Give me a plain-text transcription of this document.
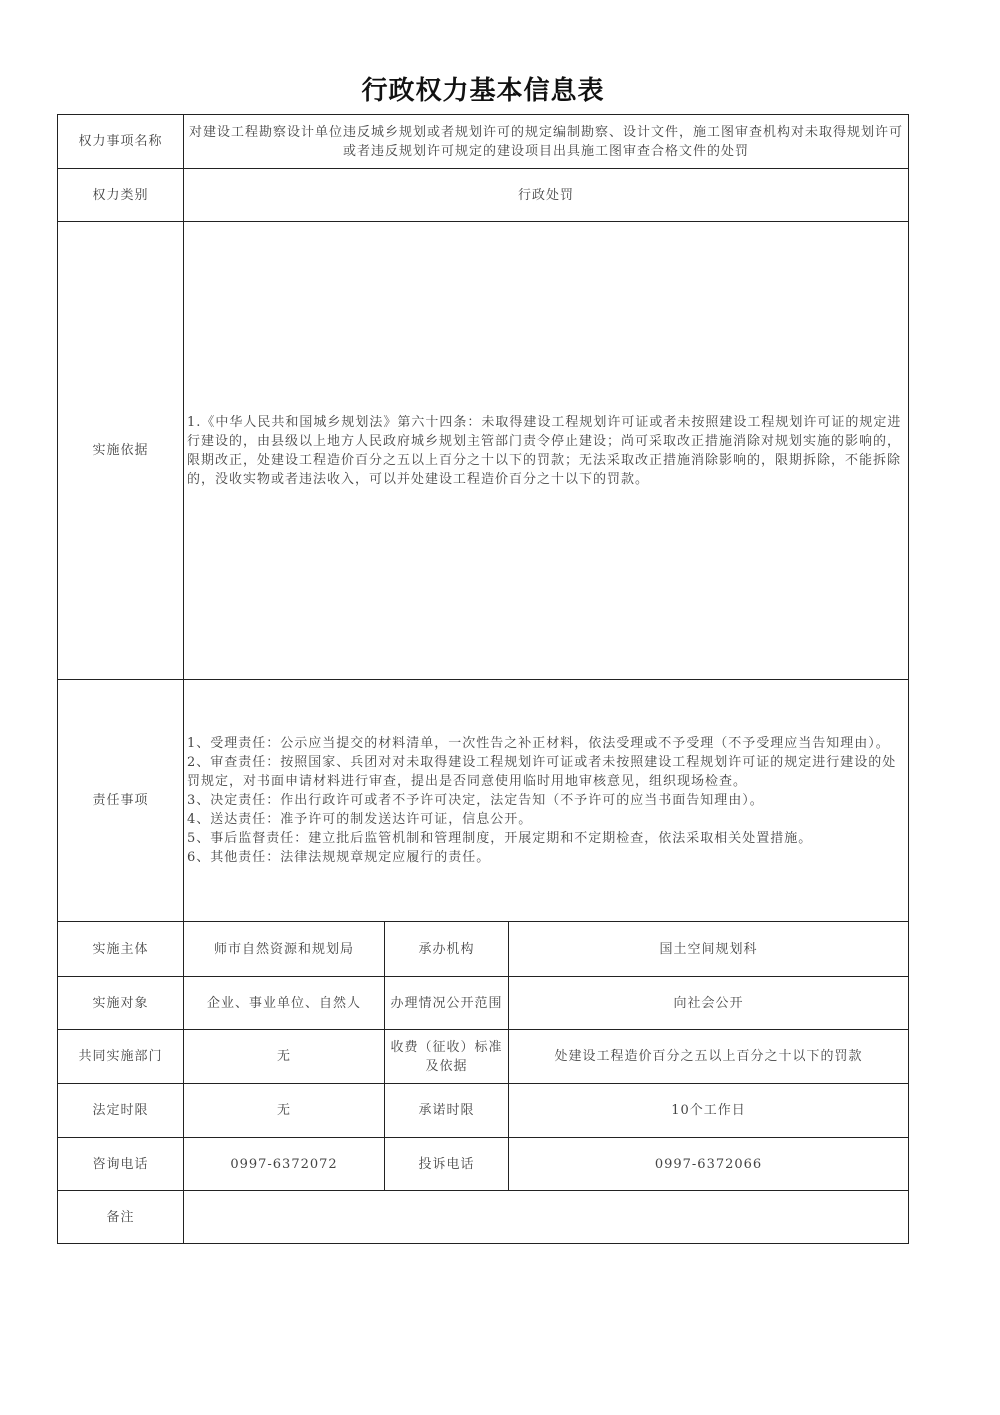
行政权力基本信息表
权力事项名称	对建设工程勘察设计单位违反城乡规划或者规划许可的规定编制勘察、设计文件，施工图审查机构对未取得规划许可或者违反规划许可规定的建设项目出具施工图审查合格文件的处罚		
权力类别	行政处罚		
实施依据	1.《中华人民共和国城乡规划法》第六十四条：未取得建设工程规划许可证或者未按照建设工程规划许可证的规定进行建设的，由县级以上地方人民政府城乡规划主管部门责令停止建设；尚可采取改正措施消除对规划实施的影响的，限期改正，处建设工程造价百分之五以上百分之十以下的罚款；无法采取改正措施消除影响的，限期拆除，不能拆除的，没收实物或者违法收入，可以并处建设工程造价百分之十以下的罚款。		
责任事项	
1、受理责任：公示应当提交的材料清单，一次性告之补正材料，依法受理或不予受理（不予受理应当告知理由）。
2、审查责任：按照国家、兵团对对未取得建设工程规划许可证或者未按照建设工程规划许可证的规定进行建设的处罚规定，对书面申请材料进行审查，提出是否同意使用临时用地审核意见，组织现场检查。
3、决定责任：作出行政许可或者不予许可决定，法定告知（不予许可的应当书面告知理由）。
4、送达责任：准予许可的制发送达许可证，信息公开。
5、事后监督责任：建立批后监管机制和管理制度，开展定期和不定期检查，依法采取相关处置措施。
6、其他责任：法律法规规章规定应履行的责任。

实施主体	师市自然资源和规划局	承办机构	国土空间规划科
实施对象	企业、事业单位、自然人	办理情况公开范围	向社会公开
共同实施部门	无	收费（征收）标准及依据	处建设工程造价百分之五以上百分之十以下的罚款
法定时限	无	承诺时限	10个工作日
咨询电话	0997-6372072	投诉电话	0997-6372066
备注			
